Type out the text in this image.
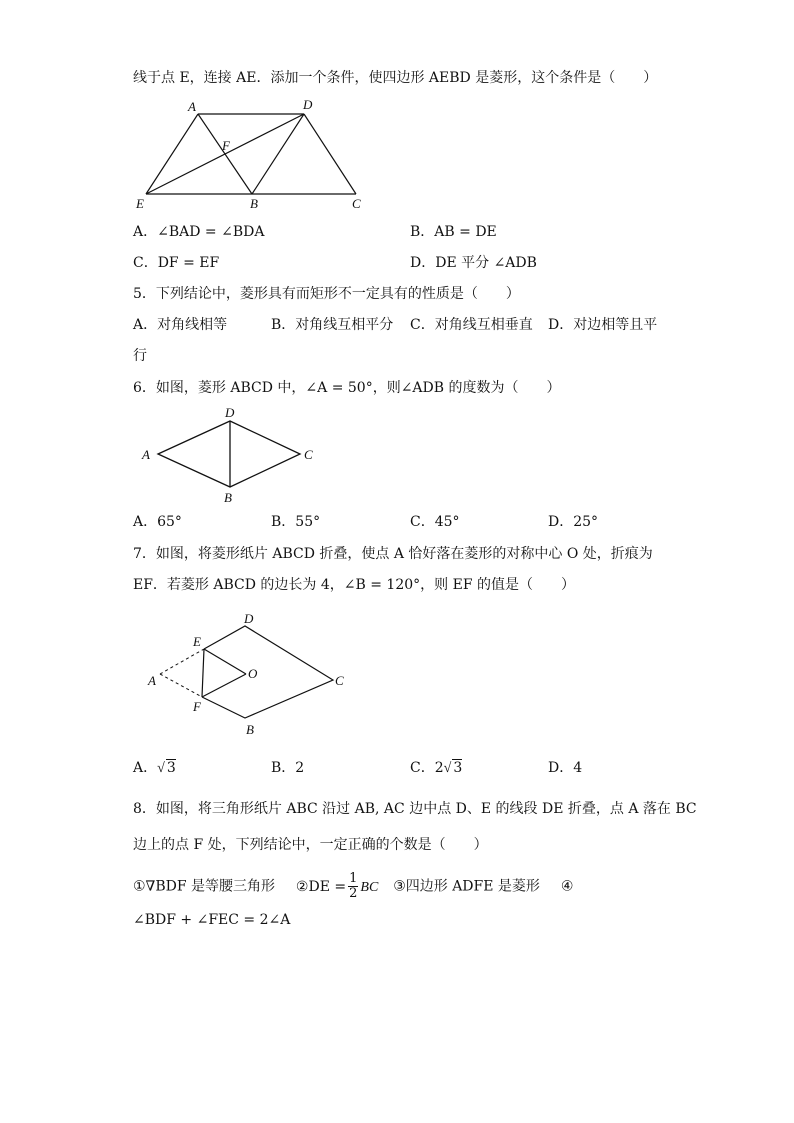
线于点 E，连接 AE．添加一个条件，使四边形 AEBD 是菱形，这个条件是（　　）
A	D
F
E	B	C
A．∠BAD = ∠BDA	B．AB = DE
C．DF = EF	D．DE 平分 ∠ADB
5．下列结论中，菱形具有而矩形不一定具有的性质是（　　）
A．对角线相等	B．对角线互相平分 C．对角线互相垂直 D．对边相等且平
行
6．如图，菱形 ABCD 中，∠A = 50°，则∠ADB 的度数为（　　）
A
D
C
B
A．65°	B．55°	C．45°	D．25°
7．如图，将菱形纸片 ABCD 折叠，使点 A 恰好落在菱形的对称中心 O 处，折痕为
EF．若菱形 ABCD 的边长为 4，∠B = 120°，则 EF 的值是（　　）
E
D
O	C
A
F
B
A．√ 3	B．2	C．2√ 3	D．4
8．如图，将三角形纸片 ABC 沿过 AB, AC 边中点 D、E 的线段 DE 折叠，点 A 落在 BC
边上的点 F 处，下列结论中，一定正确的个数是（　　）
①∇BDF 是等腰三角形 ②DE = $\frac{1}{2}$ BC ③四边形 ADFE 是菱形 ④
∠BDF + ∠FEC = 2∠A
